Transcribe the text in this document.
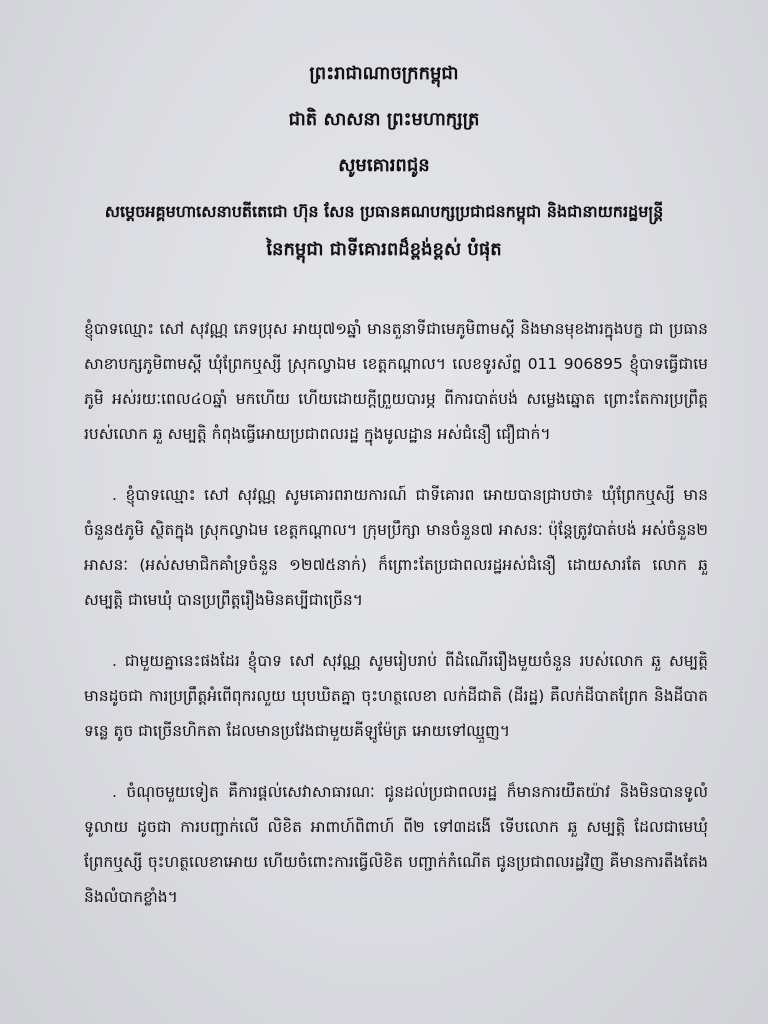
ព្រះរាជាណាចក្រកម្ពុជា
ជាតិ សាសនា ព្រះមហាក្សត្រ
សូមគោរពជូន
សម្តេចអគ្គមហាសេនាបតីតេជោ ហ៊ុន សែន ប្រធានគណបក្សប្រជាជនកម្ពុជា និងជានាយករដ្ឋមន្ត្រី
នៃកម្ពុជា ជាទីគោរពដ៏ខ្ពង់ខ្ពស់ បំផុត

ខ្ញុំបាទឈ្មោះ សៅ សុវណ្ណ ភេទប្រុស អាយុ៧១ឆ្នាំ មានតួនាទីជាមេភូមិពាមស្តី និងមានមុខងារក្នុងបក្ខ ជា ប្រធានសាខាបក្សភូមិពាមស្តី ឃុំព្រែកឬស្សី ស្រុកល្វាឯម ខេត្តកណ្តាល។ លេខទូរស័ព្ទ 011 906895 ខ្ញុំបាទធ្វើជាមេភូមិ អស់រយៈពេល៤០ឆ្នាំ មកហើយ ហើយដោយក្តីព្រួយបារម្ភ ពីការបាត់បង់ សម្លេងឆ្នោត ព្រោះតែការប្រព្រឹត្តរបស់លោក ឆួ សម្បត្តិ កំពុងធ្វើអោយប្រជាពលរដ្ឋ ក្នុងមូលដ្ឋាន អស់ជំនឿ ជឿជាក់។

. ខ្ញុំបាទឈ្មោះ សៅ សុវណ្ណ សូមគោរពរាយការណ៍ ជាទីគោរព អោយបានជ្រាបថា៖ ឃុំព្រែកឬស្សី មានចំនួន៥ភូមិ ស្ថិតក្នុង ស្រុកល្វាឯម ខេត្តកណ្តាល។ ក្រុមប្រឹក្សា មានចំនួន៧ អាសនៈ ប៉ុន្តែត្រូវបាត់បង់ អស់ចំនួន២ អាសនៈ (អស់សមាជិកគាំទ្រចំនួន ១២៧៥នាក់) ក៏ព្រោះតែប្រជាពលរដ្ឋអស់ជំនឿ ដោយសារតែ លោក ឆួ សម្បត្តិ ជាមេឃុំ បានប្រព្រឹត្តរឿងមិនគប្បីជាច្រើន។

. ជាមួយគ្នានេះផងដែរ ខ្ញុំបាទ សៅ សុវណ្ណ សូមរៀបរាប់ ពីដំណើររឿងមួយចំនួន របស់លោក ឆួ សម្បត្តិ មានដូចជា ការប្រព្រឹត្តអំពើពុករលួយ ឃុបឃិតគ្នា ចុះហត្ថលេខា លក់ដីជាតិ (ដីរដ្ឋ) គឺលក់ដីបាតព្រែក និងដីបាតទន្លេ តូច ជាច្រើនហិកតា ដែលមានប្រវែងជាមួយគីឡូម៉ែត្រ អោយទៅឈ្មួញ។

. ចំណុចមួយទៀត គឺការផ្តល់សេវាសាធារណៈ ជូនដល់ប្រជាពលរដ្ឋ ក៏មានការយឺតយ៉ាវ និងមិនបានទូលំទូលាយ ដូចជា ការបញ្ជាក់លើ លិខិត អាពាហ៍ពិពាហ៍ ពី២ ទៅ៣ដងើ ទើបលោក ឆួ សម្បត្តិ ដែលជាមេឃុំ ព្រែកឬស្សី ចុះហត្ថលេខាអោយ ហើយចំពោះការធ្វើលិខិត បញ្ជាក់កំណើត ជូនប្រជាពលរដ្ឋវិញ គឺមានការតឹងតែង និងលំបាកខ្លាំង។
